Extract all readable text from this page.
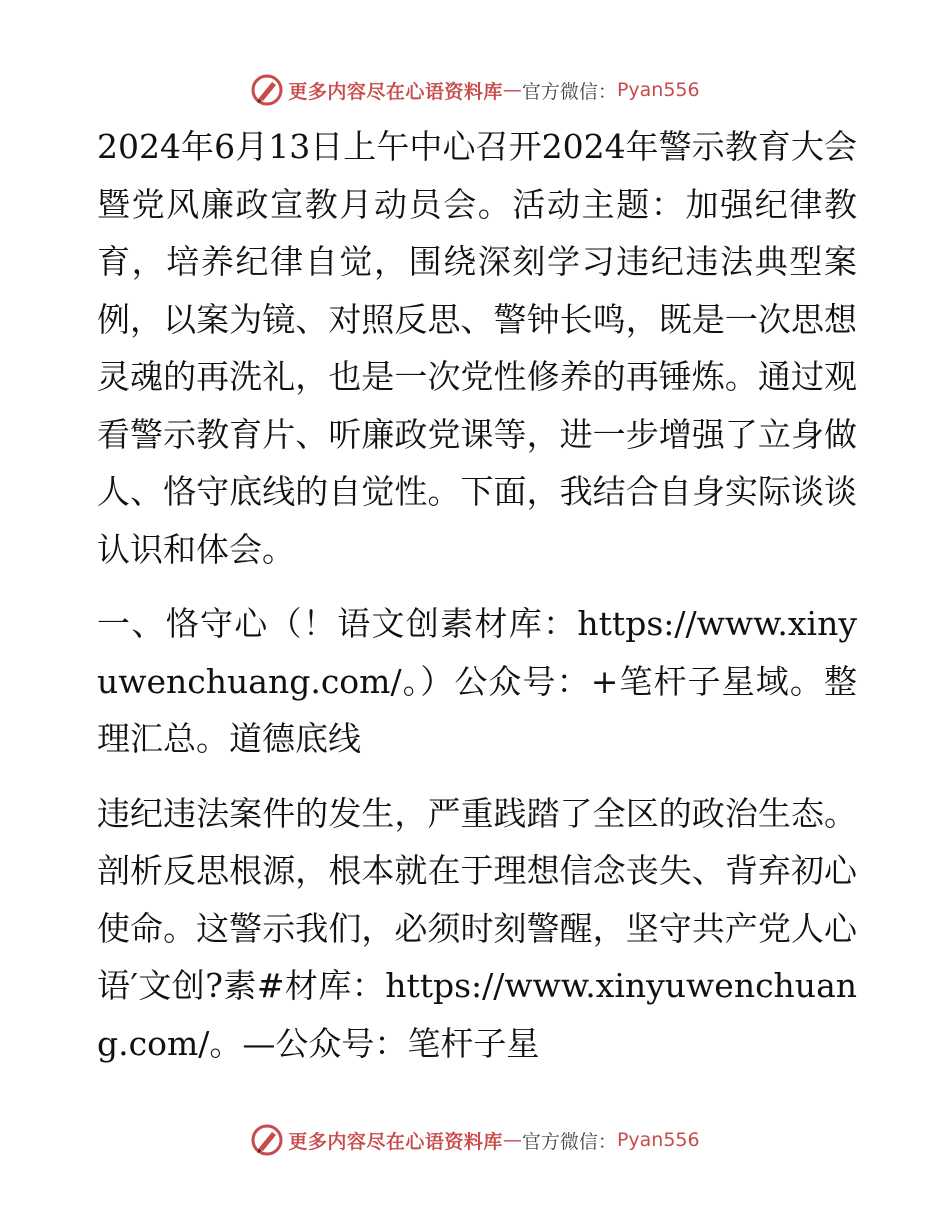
更多内容尽在心语资料库 — 官方微信： Pyan556

2024年6月13日上午中心召开2024年警示教育大会暨党风廉政宣教月动员会。活动主题：加强纪律教育，培养纪律自觉，围绕深刻学习违纪违法典型案例，以案为镜、对照反思、警钟长鸣，既是一次思想灵魂的再洗礼，也是一次党性修养的再锤炼。通过观看警示教育片、听廉政党课等，进一步增强了立身做人、恪守底线的自觉性。下面，我结合自身实际谈谈认识和体会。

一、恪守心（！语文创素材库：https://www.xinyuwenchuang.com/。）公众号：+笔杆子星域。整理汇总。道德底线

违纪违法案件的发生，严重践踏了全区的政治生态。剖析反思根源，根本就在于理想信念丧失、背弃初心使命。这警示我们，必须时刻警醒，坚守共产党人心语′文创?素#材库：https://www.xinyuwenchuang.com/。—公众号：笔杆子星

更多内容尽在心语资料库 — 官方微信： Pyan556
